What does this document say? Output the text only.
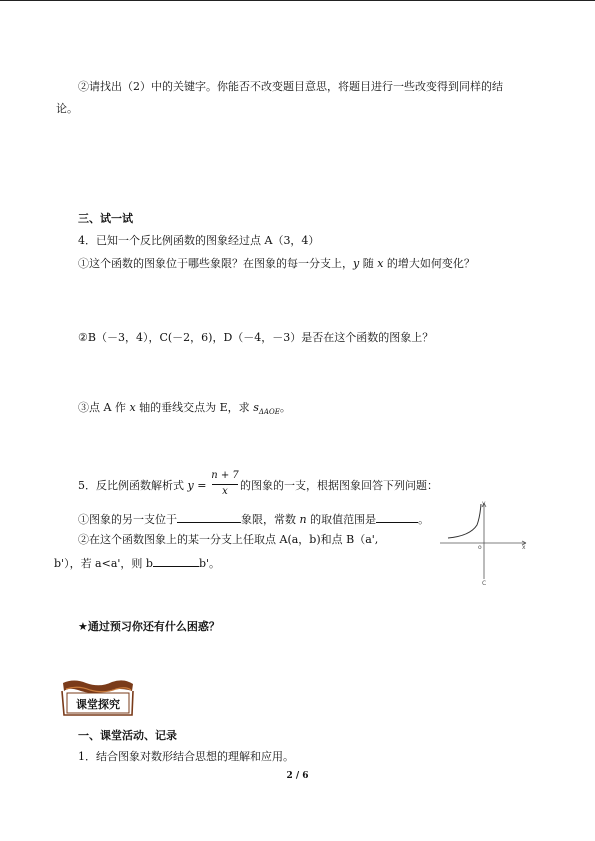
②请找出（2）中的关键字。你能否不改变题目意思，将题目进行一些改变得到同样的结
论。
三、试一试
4．已知一个反比例函数的图象经过点 A（3，4）
①这个函数的图象位于哪些象限？在图象的每一分支上，y 随 x 的增大如何变化？
②B（－3，4），C(－2，6)，D（－4，－3）是否在这个函数的图象上？
③点 A 作 x 轴的垂线交点为 E，求 $s_{\Delta AOE}$。
5．反比例函数解析式 y =
n + 7
x	的图象的一支，根据图象回答下列问题：
①图象的另一支位于	象限，常数 n 的取值范围是	。
②在这个函数图象上的某一分支上任取点 A(a，b)和点 B（a',
b'），若 a<a'，则 b	b'。
y
x
o
C
★通过预习你还有什么困惑？
课堂探究
一、课堂活动、记录
1．结合图象对数形结合思想的理解和应用。
2 / 6
